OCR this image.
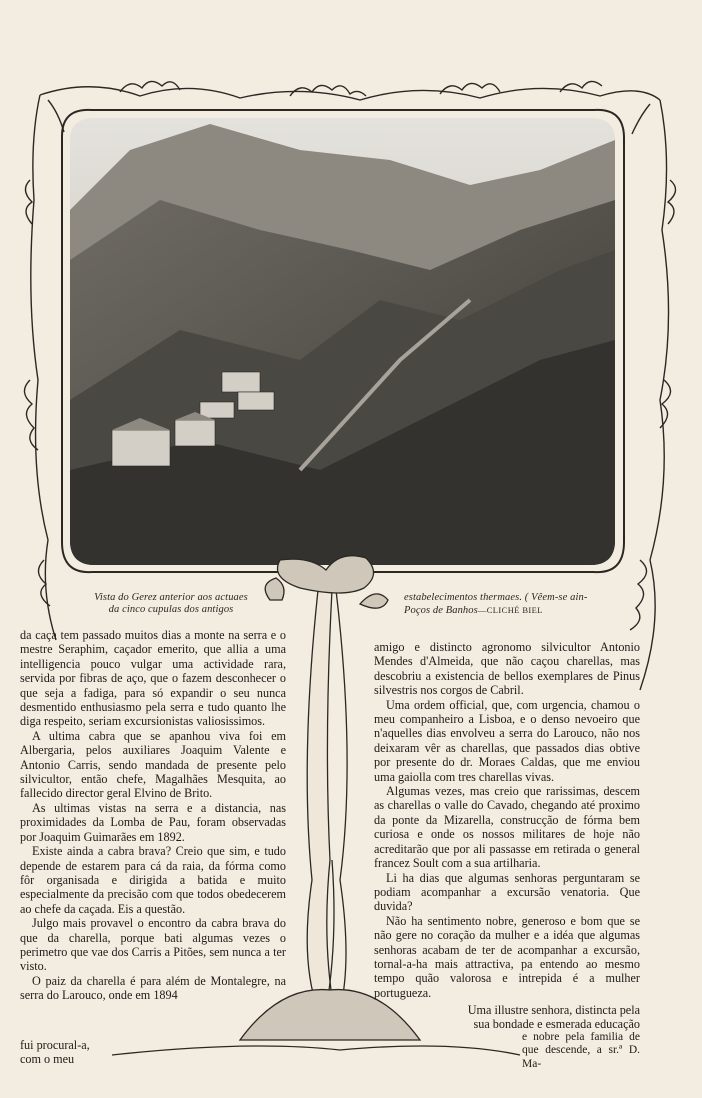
Vista do Gerez anterior aos actuaes
da cinco cupulas dos antigos
estabelecimentos thermaes. ( Vêem-se ain-
Poços de Banhos—CLICHÉ BIEL

da caça tem passado muitos dias a monte na serra e o mestre Seraphim, caçador emerito, que allia a uma intelligencia pouco vulgar uma actividade rara, servida por fibras de aço, que o fazem desconhecer o que seja a fadiga, para só expandir o seu nunca desmentido enthusiasmo pela serra e tudo quanto lhe diga respeito, seriam excursionistas valiosissimos.

A ultima cabra que se apanhou viva foi em Albergaria, pelos auxiliares Joaquim Valente e Antonio Carris, sendo mandada de presente pelo silvicultor, então chefe, Magalhães Mesquita, ao fallecido director geral Elvino de Brito.

As ultimas vistas na serra e a distancia, nas proximidades da Lomba de Pau, foram observadas por Joaquim Guimarães em 1892.

Existe ainda a cabra brava? Creio que sim, e tudo depende de estarem para cá da raia, da fórma como fôr organisada e dirigida a batida e muito especialmente da precisão com que todos obedecerem ao chefe da caçada. Eis a questão.

Julgo mais provavel o encontro da cabra brava do que da charella, porque bati algumas vezes o perimetro que vae dos Carris a Pitões, sem nunca a ter visto.

O paiz da charella é para além de Montalegre, na serra do Larouco, onde em 1894

fui procural-a,
com o meu

amigo e distincto agronomo silvicultor Antonio Mendes d'Almeida, que não caçou charellas, mas descobriu a existencia de bellos exemplares de Pinus silvestris nos corgos de Cabril.

Uma ordem official, que, com urgencia, chamou o meu companheiro a Lisboa, e o denso nevoeiro que n'aquelles dias envolveu a serra do Larouco, não nos deixaram vêr as charellas, que passados dias obtive por presente do dr. Moraes Caldas, que me enviou uma gaiolla com tres charellas vivas.

Algumas vezes, mas creio que rarissimas, descem as charellas o valle do Cavado, chegando até proximo da ponte da Mizarella, construcção de fórma bem curiosa e onde os nossos militares de hoje não acreditarão que por ali passasse em retirada o general francez Soult com a sua artilharia.

Li ha dias que algumas senhoras perguntaram se podiam acompanhar a excursão venatoria. Que duvida?

Não ha sentimento nobre, generoso e bom que se não gere no coração da mulher e a idéa que algumas senhoras acabam de ter de acompanhar a excursão, tornal-a-ha mais attractiva, pa entendo ao mesmo tempo quão valorosa e intrepida é a mulher portugueza.

Uma illustre senhora, distincta pela
sua bondade e esmerada educação
e nobre pela familia de que descende, a sr.ª D. Ma-
